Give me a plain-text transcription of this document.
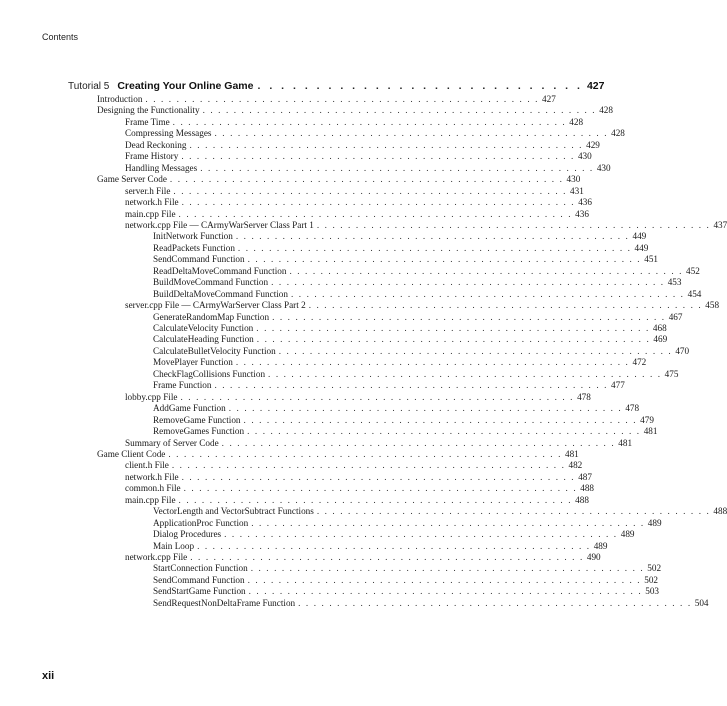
Contents
Tutorial 5 Creating Your Online Game . . . . . . . . . . . . . . . . . . . . . . . . . . . . 427
Introduction . . . . . . . . . . . . . . . . . . . . . . . . . . . . . . . . . . . . . . . . . . . . . . . . . . . 427
Designing the Functionality . . . . . . . . . . . . . . . . . . . . . . . . . . . . . . . . . . . . . . . . . . . . . . . . . . . 428
Frame Time . . . . . . . . . . . . . . . . . . . . . . . . . . . . . . . . . . . . . . . . . . . . . . . . . . . 428
Compressing Messages . . . . . . . . . . . . . . . . . . . . . . . . . . . . . . . . . . . . . . . . . . . . . . . . . . . 428
Dead Reckoning . . . . . . . . . . . . . . . . . . . . . . . . . . . . . . . . . . . . . . . . . . . . . . . . . . . 429
Frame History . . . . . . . . . . . . . . . . . . . . . . . . . . . . . . . . . . . . . . . . . . . . . . . . . . . 430
Handling Messages . . . . . . . . . . . . . . . . . . . . . . . . . . . . . . . . . . . . . . . . . . . . . . . . . . . 430
Game Server Code . . . . . . . . . . . . . . . . . . . . . . . . . . . . . . . . . . . . . . . . . . . . . . . . . . . 430
server.h File . . . . . . . . . . . . . . . . . . . . . . . . . . . . . . . . . . . . . . . . . . . . . . . . . . . 431
network.h File . . . . . . . . . . . . . . . . . . . . . . . . . . . . . . . . . . . . . . . . . . . . . . . . . . . 436
main.cpp File . . . . . . . . . . . . . . . . . . . . . . . . . . . . . . . . . . . . . . . . . . . . . . . . . . . 436
network.cpp File — CArmyWarServer Class Part 1 . . . . . . . . . . . . . . . . . . . . . . . . . . . . . . . . . . . . . . . . . . . . . . . . . . . 437
InitNetwork Function . . . . . . . . . . . . . . . . . . . . . . . . . . . . . . . . . . . . . . . . . . . . . . . . . . . 449
ReadPackets Function . . . . . . . . . . . . . . . . . . . . . . . . . . . . . . . . . . . . . . . . . . . . . . . . . . . 449
SendCommand Function . . . . . . . . . . . . . . . . . . . . . . . . . . . . . . . . . . . . . . . . . . . . . . . . . . . 451
ReadDeltaMoveCommand Function . . . . . . . . . . . . . . . . . . . . . . . . . . . . . . . . . . . . . . . . . . . . . . . . . . . 452
BuildMoveCommand Function . . . . . . . . . . . . . . . . . . . . . . . . . . . . . . . . . . . . . . . . . . . . . . . . . . . 453
BuildDeltaMoveCommand Function . . . . . . . . . . . . . . . . . . . . . . . . . . . . . . . . . . . . . . . . . . . . . . . . . . . 454
server.cpp File — CArmyWarServer Class Part 2 . . . . . . . . . . . . . . . . . . . . . . . . . . . . . . . . . . . . . . . . . . . . . . . . . . . 458
GenerateRandomMap Function . . . . . . . . . . . . . . . . . . . . . . . . . . . . . . . . . . . . . . . . . . . . . . . . . . . 467
CalculateVelocity Function . . . . . . . . . . . . . . . . . . . . . . . . . . . . . . . . . . . . . . . . . . . . . . . . . . . 468
CalculateHeading Function . . . . . . . . . . . . . . . . . . . . . . . . . . . . . . . . . . . . . . . . . . . . . . . . . . . 469
CalculateBulletVelocity Function . . . . . . . . . . . . . . . . . . . . . . . . . . . . . . . . . . . . . . . . . . . . . . . . . . . 470
MovePlayer Function . . . . . . . . . . . . . . . . . . . . . . . . . . . . . . . . . . . . . . . . . . . . . . . . . . . 472
CheckFlagCollisions Function . . . . . . . . . . . . . . . . . . . . . . . . . . . . . . . . . . . . . . . . . . . . . . . . . . . 475
Frame Function . . . . . . . . . . . . . . . . . . . . . . . . . . . . . . . . . . . . . . . . . . . . . . . . . . . 477
lobby.cpp File . . . . . . . . . . . . . . . . . . . . . . . . . . . . . . . . . . . . . . . . . . . . . . . . . . . 478
AddGame Function . . . . . . . . . . . . . . . . . . . . . . . . . . . . . . . . . . . . . . . . . . . . . . . . . . . 478
RemoveGame Function . . . . . . . . . . . . . . . . . . . . . . . . . . . . . . . . . . . . . . . . . . . . . . . . . . . 479
RemoveGames Function . . . . . . . . . . . . . . . . . . . . . . . . . . . . . . . . . . . . . . . . . . . . . . . . . . . 481
Summary of Server Code . . . . . . . . . . . . . . . . . . . . . . . . . . . . . . . . . . . . . . . . . . . . . . . . . . . 481
Game Client Code . . . . . . . . . . . . . . . . . . . . . . . . . . . . . . . . . . . . . . . . . . . . . . . . . . . 481
client.h File . . . . . . . . . . . . . . . . . . . . . . . . . . . . . . . . . . . . . . . . . . . . . . . . . . . 482
network.h File . . . . . . . . . . . . . . . . . . . . . . . . . . . . . . . . . . . . . . . . . . . . . . . . . . . 487
common.h File . . . . . . . . . . . . . . . . . . . . . . . . . . . . . . . . . . . . . . . . . . . . . . . . . . . 488
main.cpp File . . . . . . . . . . . . . . . . . . . . . . . . . . . . . . . . . . . . . . . . . . . . . . . . . . . 488
VectorLength and VectorSubtract Functions . . . . . . . . . . . . . . . . . . . . . . . . . . . . . . . . . . . . . . . . . . . . . . . . . . . 488
ApplicationProc Function . . . . . . . . . . . . . . . . . . . . . . . . . . . . . . . . . . . . . . . . . . . . . . . . . . . 489
Dialog Procedures . . . . . . . . . . . . . . . . . . . . . . . . . . . . . . . . . . . . . . . . . . . . . . . . . . . 489
Main Loop . . . . . . . . . . . . . . . . . . . . . . . . . . . . . . . . . . . . . . . . . . . . . . . . . . . 489
network.cpp File . . . . . . . . . . . . . . . . . . . . . . . . . . . . . . . . . . . . . . . . . . . . . . . . . . . 490
StartConnection Function . . . . . . . . . . . . . . . . . . . . . . . . . . . . . . . . . . . . . . . . . . . . . . . . . . . 502
SendCommand Function . . . . . . . . . . . . . . . . . . . . . . . . . . . . . . . . . . . . . . . . . . . . . . . . . . . 502
SendStartGame Function . . . . . . . . . . . . . . . . . . . . . . . . . . . . . . . . . . . . . . . . . . . . . . . . . . . 503
SendRequestNonDeltaFrame Function . . . . . . . . . . . . . . . . . . . . . . . . . . . . . . . . . . . . . . . . . . . . . . . . . . . 504
xii
